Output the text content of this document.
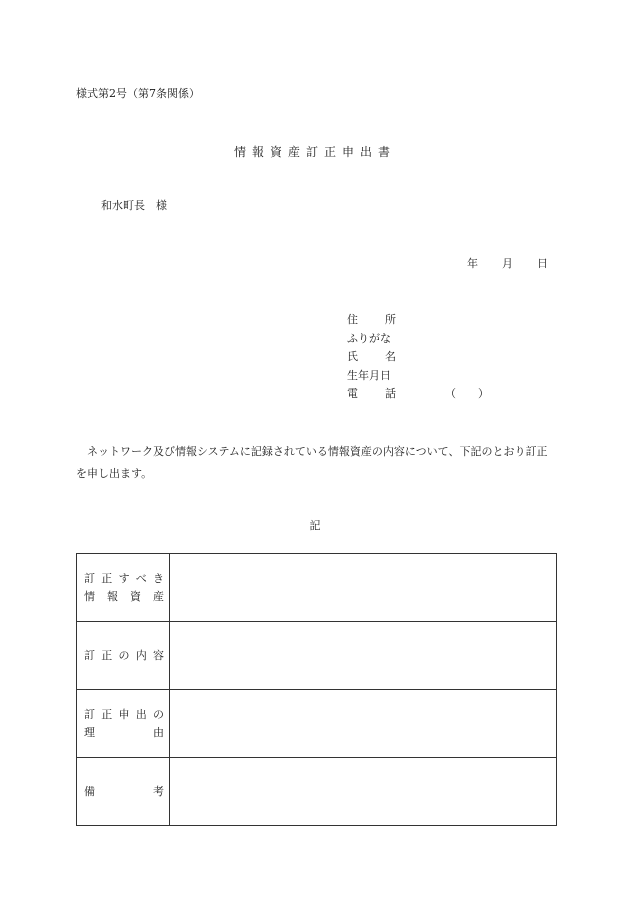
様式第2号（第7条関係）
情報資産訂正申出書
和水町長　様
年 月 日
住所
ふりがな
氏名
生年月日
電話	（　　）
ネットワーク及び情報システムに記録されている情報資産の内容について、下記のとおり訂正を申し出ます。
記
訂正すべき
情報資産	

訂正の内容	

訂正申出の
理由	

備考	
